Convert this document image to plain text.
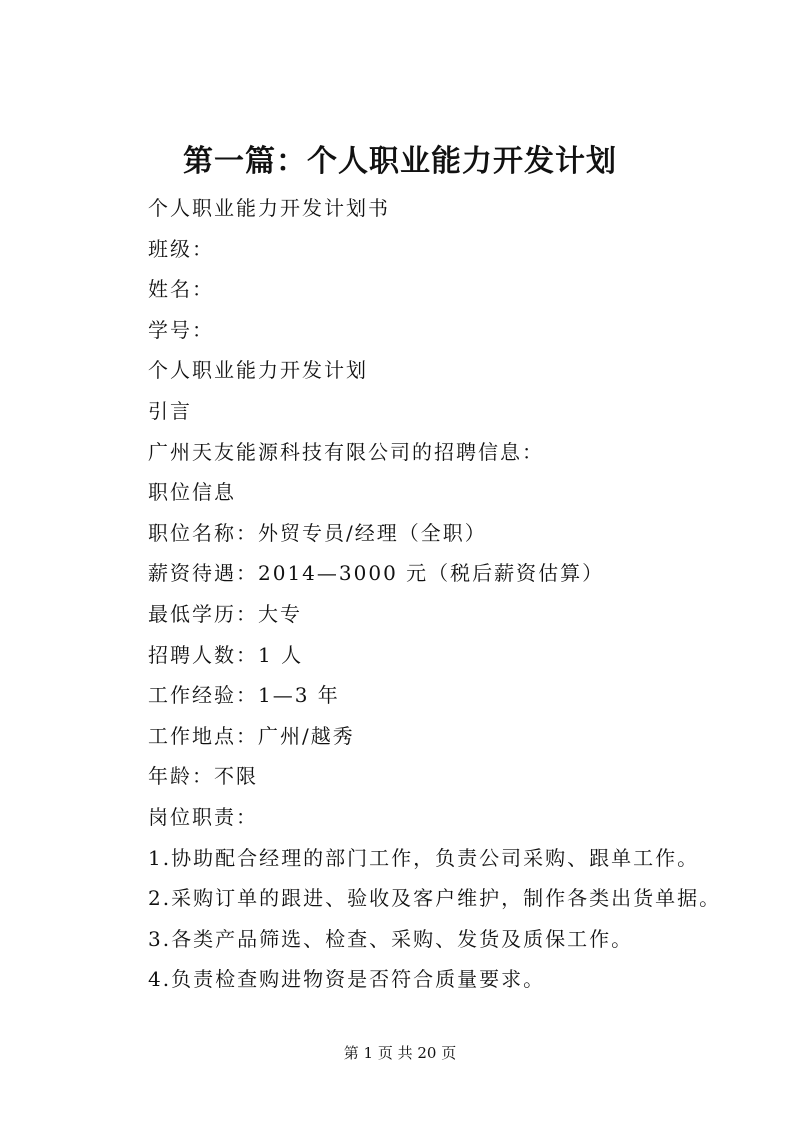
第一篇：个人职业能力开发计划
个人职业能力开发计划书
班级：
姓名：
学号：
个人职业能力开发计划
引言
广州天友能源科技有限公司的招聘信息：
职位信息
职位名称：外贸专员/经理（全职）
薪资待遇：2014—3000 元（税后薪资估算）
最低学历：大专
招聘人数：1 人
工作经验：1—3 年
工作地点：广州/越秀
年龄：不限
岗位职责：
1.协助配合经理的部门工作，负责公司采购、跟单工作。
2.采购订单的跟进、验收及客户维护，制作各类出货单据。
3.各类产品筛选、检查、采购、发货及质保工作。
4.负责检查购进物资是否符合质量要求。
第 1 页 共 20 页
